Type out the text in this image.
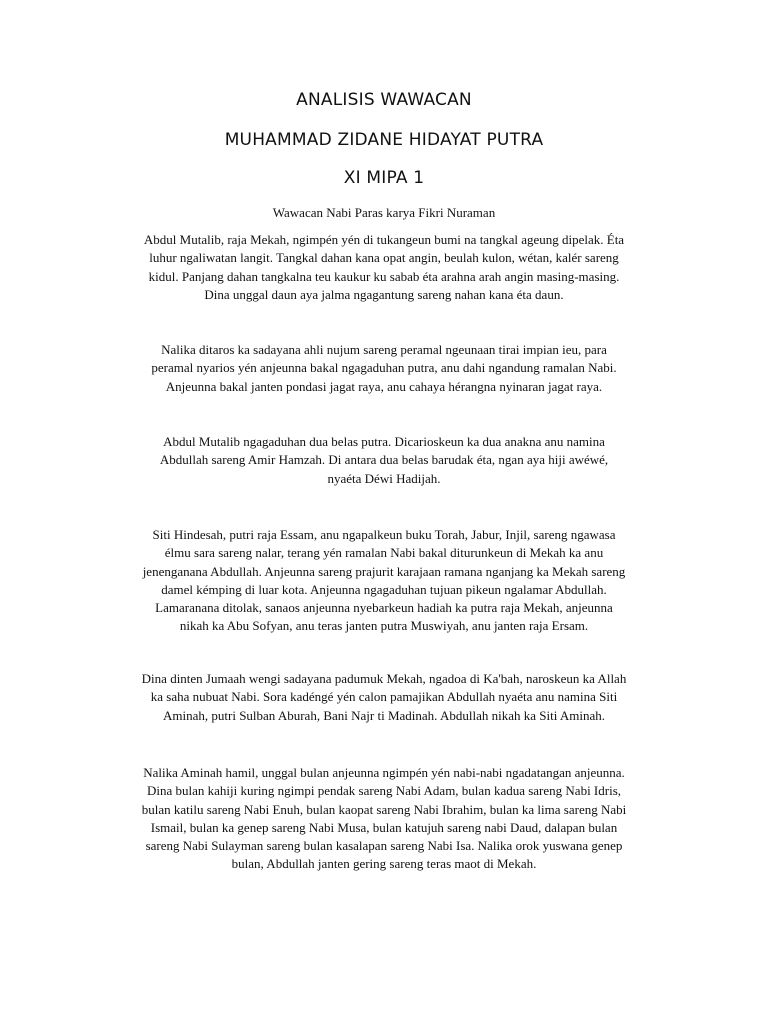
ANALISIS WAWACAN
MUHAMMAD ZIDANE HIDAYAT PUTRA
XI MIPA 1
Wawacan Nabi Paras karya Fikri Nuraman
Abdul Mutalib, raja Mekah, ngimpén yén di tukangeun bumi na tangkal ageung dipelak. Éta
luhur ngaliwatan langit. Tangkal dahan kana opat angin, beulah kulon, wétan, kalér sareng
kidul. Panjang dahan tangkalna teu kaukur ku sabab éta arahna arah angin masing-masing.
Dina unggal daun aya jalma ngagantung sareng nahan kana éta daun.
Nalika ditaros ka sadayana ahli nujum sareng peramal ngeunaan tirai impian ieu, para
peramal nyarios yén anjeunna bakal ngagaduhan putra, anu dahi ngandung ramalan Nabi.
Anjeunna bakal janten pondasi jagat raya, anu cahaya hérangna nyinaran jagat raya.
Abdul Mutalib ngagaduhan dua belas putra. Dicarioskeun ka dua anakna anu namina
Abdullah sareng Amir Hamzah. Di antara dua belas barudak éta, ngan aya hiji awéwé,
nyaéta Déwi Hadijah.
Siti Hindesah, putri raja Essam, anu ngapalkeun buku Torah, Jabur, Injil, sareng ngawasa
élmu sara sareng nalar, terang yén ramalan Nabi bakal diturunkeun di Mekah ka anu
jenenganana Abdullah. Anjeunna sareng prajurit karajaan ramana nganjang ka Mekah sareng
damel kémping di luar kota. Anjeunna ngagaduhan tujuan pikeun ngalamar Abdullah.
Lamaranana ditolak, sanaos anjeunna nyebarkeun hadiah ka putra raja Mekah, anjeunna
nikah ka Abu Sofyan, anu teras janten putra Muswiyah, anu janten raja Ersam.
Dina dinten Jumaah wengi sadayana padumuk Mekah, ngadoa di Ka'bah, naroskeun ka Allah
ka saha nubuat Nabi. Sora kadéngé yén calon pamajikan Abdullah nyaéta anu namina Siti
Aminah, putri Sulban Aburah, Bani Najr ti Madinah. Abdullah nikah ka Siti Aminah.
Nalika Aminah hamil, unggal bulan anjeunna ngimpén yén nabi-nabi ngadatangan anjeunna.
Dina bulan kahiji kuring ngimpi pendak sareng Nabi Adam, bulan kadua sareng Nabi Idris,
bulan katilu sareng Nabi Enuh, bulan kaopat sareng Nabi Ibrahim, bulan ka lima sareng Nabi
Ismail, bulan ka genep sareng Nabi Musa, bulan katujuh sareng nabi Daud, dalapan bulan
sareng Nabi Sulayman sareng bulan kasalapan sareng Nabi Isa. Nalika orok yuswana genep
bulan, Abdullah janten gering sareng teras maot di Mekah.
